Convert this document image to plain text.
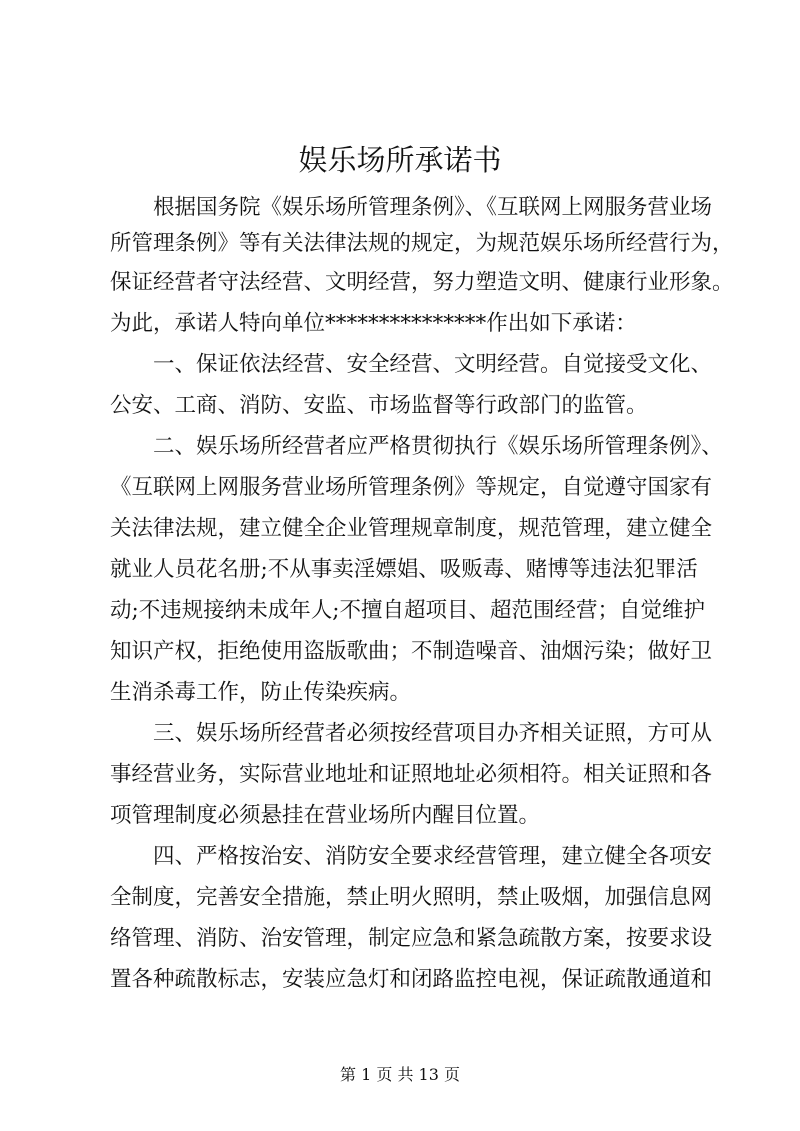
娱乐场所承诺书
　　根据国务院《娱乐场所管理条例》、《互联网上网服务营业场
所管理条例》等有关法律法规的规定，为规范娱乐场所经营行为，
保证经营者守法经营、文明经营，努力塑造文明、健康行业形象。
为此，承诺人特向单位***************作出如下承诺：
　　一、保证依法经营、安全经营、文明经营。自觉接受文化、
公安、工商、消防、安监、市场监督等行政部门的监管。
　　二、娱乐场所经营者应严格贯彻执行《娱乐场所管理条例》、
《互联网上网服务营业场所管理条例》等规定，自觉遵守国家有
关法律法规，建立健全企业管理规章制度，规范管理，建立健全
就业人员花名册;不从事卖淫嫖娼、吸贩毒、赌博等违法犯罪活
动;不违规接纳未成年人;不擅自超项目、超范围经营；自觉维护
知识产权，拒绝使用盗版歌曲；不制造噪音、油烟污染；做好卫
生消杀毒工作，防止传染疾病。
　　三、娱乐场所经营者必须按经营项目办齐相关证照，方可从
事经营业务，实际营业地址和证照地址必须相符。相关证照和各
项管理制度必须悬挂在营业场所内醒目位置。
　　四、严格按治安、消防安全要求经营管理，建立健全各项安
全制度，完善安全措施，禁止明火照明，禁止吸烟，加强信息网
络管理、消防、治安管理，制定应急和紧急疏散方案，按要求设
置各种疏散标志，安装应急灯和闭路监控电视，保证疏散通道和
第 1 页 共 13 页
